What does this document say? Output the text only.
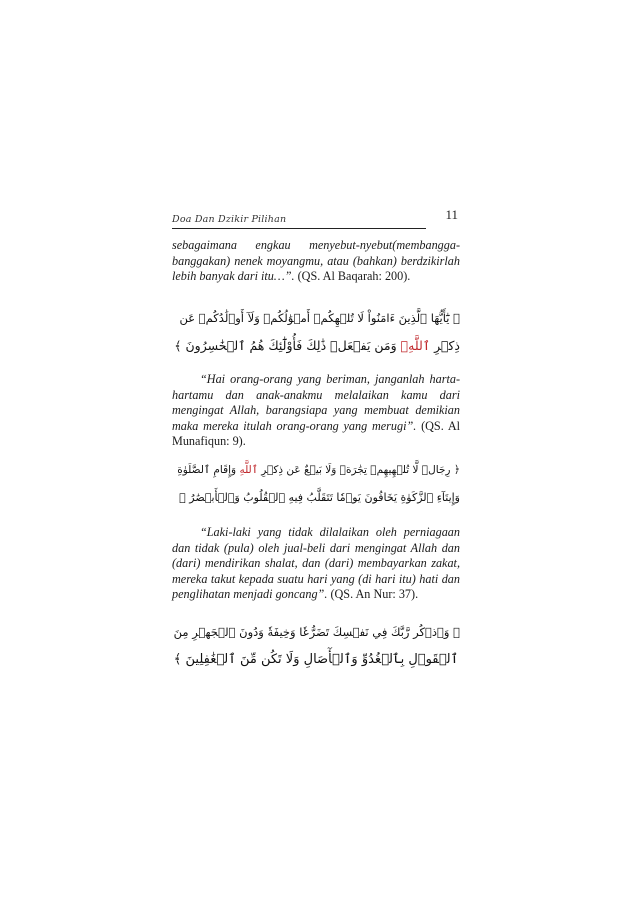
Doa Dan Dzikir Pilihan	11

sebagaimana engkau menyebut-nyebut(membangga-banggakan) nenek moyangmu, atau (bahkan) berdzikirlah lebih banyak dari itu…”. (QS. Al Baqarah: 200).

﴿ يَٰٓأَيُّهَا ٱلَّذِينَ ءَامَنُواْ لَا تُلۡهِكُمۡ أَمۡوَٰلُكُمۡ وَلَآ أَوۡلَٰدُكُمۡ عَن
ذِكۡرِ ٱللَّهِۚ وَمَن يَفۡعَلۡ ذَٰلِكَ فَأُوْلَٰٓئِكَ هُمُ ٱلۡخَٰسِرُونَ ﴾

“Hai orang-orang yang beriman, janganlah harta-hartamu dan anak-anakmu melalaikan kamu dari mengingat Allah, barangsiapa yang membuat demikian maka mereka itulah orang-orang yang merugi”. (QS. Al Munafiqun: 9).

﴿ رِجَالٞ لَّا تُلۡهِيهِمۡ تِجَٰرَةٞ وَلَا بَيۡعٌ عَن ذِكۡرِ ٱللَّهِ وَإِقَامِ ٱلصَّلَوٰةِ
وَإِيتَآءِ ٱلزَّكَوٰةِ يَخَافُونَ يَوۡمٗا تَتَقَلَّبُ فِيهِ ٱلۡقُلُوبُ وَٱلۡأَبۡصَٰرُ ﴾

“Laki-laki yang tidak dilalaikan oleh perniagaan dan tidak (pula) oleh jual-beli dari mengingat Allah dan (dari) mendirikan shalat, dan (dari) membayarkan zakat, mereka takut kepada suatu hari yang (di hari itu) hati dan penglihatan menjadi goncang”. (QS. An Nur: 37).

﴿ وَٱذۡكُر رَّبَّكَ فِي نَفۡسِكَ تَضَرُّعٗا وَخِيفَةٗ وَدُونَ ٱلۡجَهۡرِ مِنَ
ٱلۡقَوۡلِ بِٱلۡغُدُوِّ وَٱلۡأٓصَالِ وَلَا تَكُن مِّنَ ٱلۡغَٰفِلِينَ ﴾
